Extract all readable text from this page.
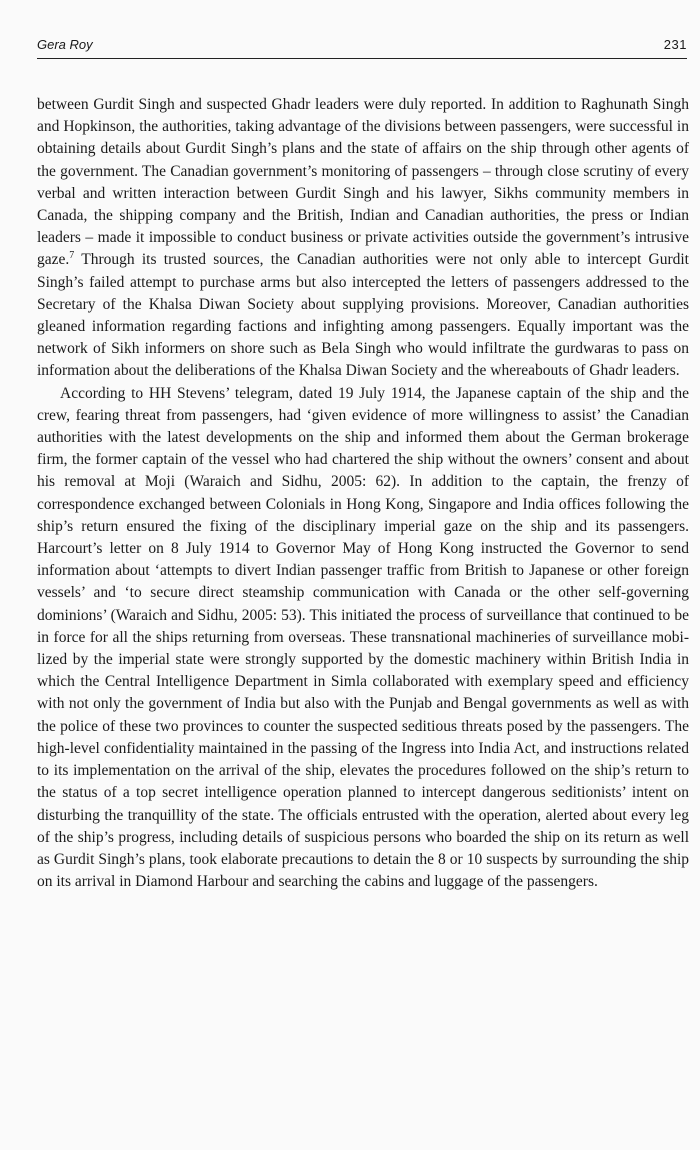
Gera Roy	231

between Gurdit Singh and suspected Ghadr leaders were duly reported. In addition to Raghunath Singh and Hopkinson, the authorities, taking advantage of the divisions between passengers, were successful in obtaining details about Gurdit Singh’s plans and the state of affairs on the ship through other agents of the government. The Canadian government’s monitoring of passengers – through close scrutiny of every verbal and written interaction between Gurdit Singh and his lawyer, Sikhs community members in Canada, the shipping company and the British, Indian and Canadian authorities, the press or Indian leaders – made it impossible to conduct business or private activities outside the government’s intrusive gaze.$^7$ Through its trusted sources, the Canadian authorities were not only able to intercept Gurdit Singh’s failed attempt to purchase arms but also intercepted the letters of passengers addressed to the Secretary of the Khalsa Diwan Society about supplying provisions. Moreover, Canadian authorities gleaned information regarding factions and infighting among passengers. Equally important was the network of Sikh informers on shore such as Bela Singh who would infiltrate the gurdwaras to pass on information about the deliberations of the Khalsa Diwan Society and the whereabouts of Ghadr leaders.

According to HH Stevens’ telegram, dated 19 July 1914, the Japanese captain of the ship and the crew, fearing threat from passengers, had ‘given evidence of more willingness to assist’ the Canadian authorities with the latest developments on the ship and informed them about the German brokerage firm, the former captain of the vessel who had chartered the ship without the owners’ consent and about his removal at Moji (Waraich and Sidhu, 2005: 62). In addition to the captain, the frenzy of correspondence exchanged between Colonials in Hong Kong, Singapore and India offices following the ship’s return ensured the fixing of the disciplinary imperial gaze on the ship and its passengers. Harcourt’s letter on 8 July 1914 to Governor May of Hong Kong instructed the Governor to send information about ‘attempts to divert Indian passenger traffic from British to Japanese or other foreign vessels’ and ‘to secure direct steamship communication with Canada or the other self-governing dominions’ (Waraich and Sidhu, 2005: 53). This initiated the process of surveillance that continued to be in force for all the ships returning from overseas. These transnational machineries of surveillance mobilized by the imperial state were strongly supported by the domestic machinery within British India in which the Central Intelligence Department in Simla collaborated with exemplary speed and efficiency with not only the government of India but also with the Punjab and Bengal governments as well as with the police of these two provinces to counter the suspected seditious threats posed by the passengers. The high-level confidentiality maintained in the passing of the Ingress into India Act, and instructions related to its implementation on the arrival of the ship, elevates the procedures followed on the ship’s return to the status of a top secret intelligence operation planned to intercept dangerous seditionists’ intent on disturbing the tranquillity of the state. The officials entrusted with the operation, alerted about every leg of the ship’s progress, including details of suspicious persons who boarded the ship on its return as well as Gurdit Singh’s plans, took elaborate precautions to detain the 8 or 10 suspects by surrounding the ship on its arrival in Diamond Harbour and searching the cabins and luggage of the passengers.
